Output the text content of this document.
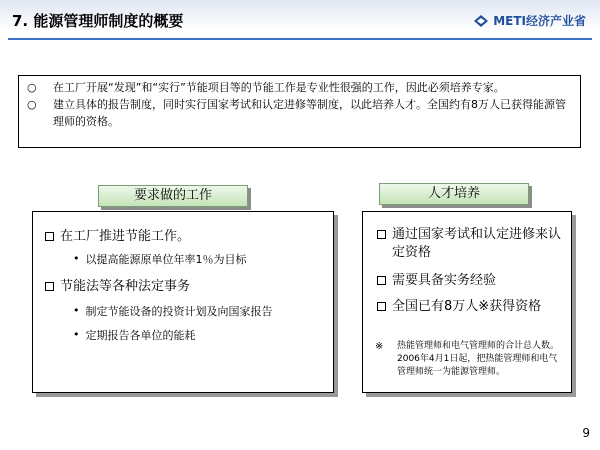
7. 能源管理师制度的概要	METI经济产业省
○ 在工厂开展“发现”和“实行”节能项目等的节能工作是专业性很强的工作，因此必须培养专家。
○ 建立具体的报告制度，同时实行国家考试和认定进修等制度，以此培养人才。全国约有8万人已获得能源管理师的资格。
要求做的工作	人才培养
在工厂推进节能工作。
• 以提高能源原单位年率1％为目标
节能法等各种法定事务
• 制定节能设备的投资计划及向国家报告
• 定期报告各单位的能耗
通过国家考试和认定进修来认定资格
需要具备实务经验
全国已有8万人※获得资格
※	热能管理师和电气管理师的合计总人数。2006年4月1日起，把热能管理师和电气管理师统一为能源管理师。
9
